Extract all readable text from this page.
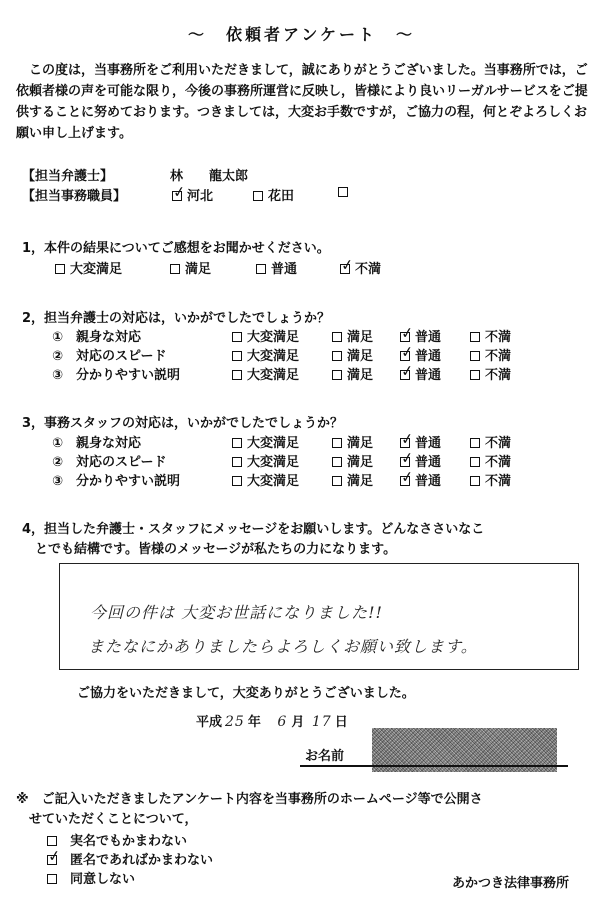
～　依頼者アンケート　～
　この度は，当事務所をご利用いただきまして，誠にありがとうございました。当事務所では，ご依頼者様の声を可能な限り，今後の事務所運営に反映し，皆様により良いリーガルサービスをご提供することに努めております。つきましては，大変お手数ですが，ご協力の程，何とぞよろしくお願い申し上げます。
【担当弁護士】	林　　龍太郎
【担当事務職員】 ✓	河北	花田
1，本件の結果についてご感想をお聞かせください。
大変満足	満足	普通 ✓	不満
2，担当弁護士の対応は，いかがでしたでしょうか？
①　親身な対応	大変満足	満足 ✓	普通	不満
②　対応のスピード	大変満足	満足 ✓	普通	不満
③　分かりやすい説明	大変満足	満足 ✓	普通	不満
3，事務スタッフの対応は，いかがでしたでしょうか？
①　親身な対応	大変満足	満足 ✓	普通	不満
②　対応のスピード	大変満足	満足 ✓	普通	不満
③　分かりやすい説明	大変満足	満足 ✓	普通	不満
4，担当した弁護士・スタッフにメッセージをお願いします。どんなささいなこ
　とでも結構です。皆様のメッセージが私たちの力になります。
今回の件は 大変お世話になりました!!
またなにかありましたらよろしくお願い致します。
ご協力をいただきまして，大変ありがとうございました。
平成 25 年 6 月 17 日
お名前
※　ご記入いただきましたアンケート内容を当事務所のホームページ等で公開さ
　せていただくことについて，
実名でもかまわない
✓匿名であればかまわない
同意しない	あかつき法律事務所
